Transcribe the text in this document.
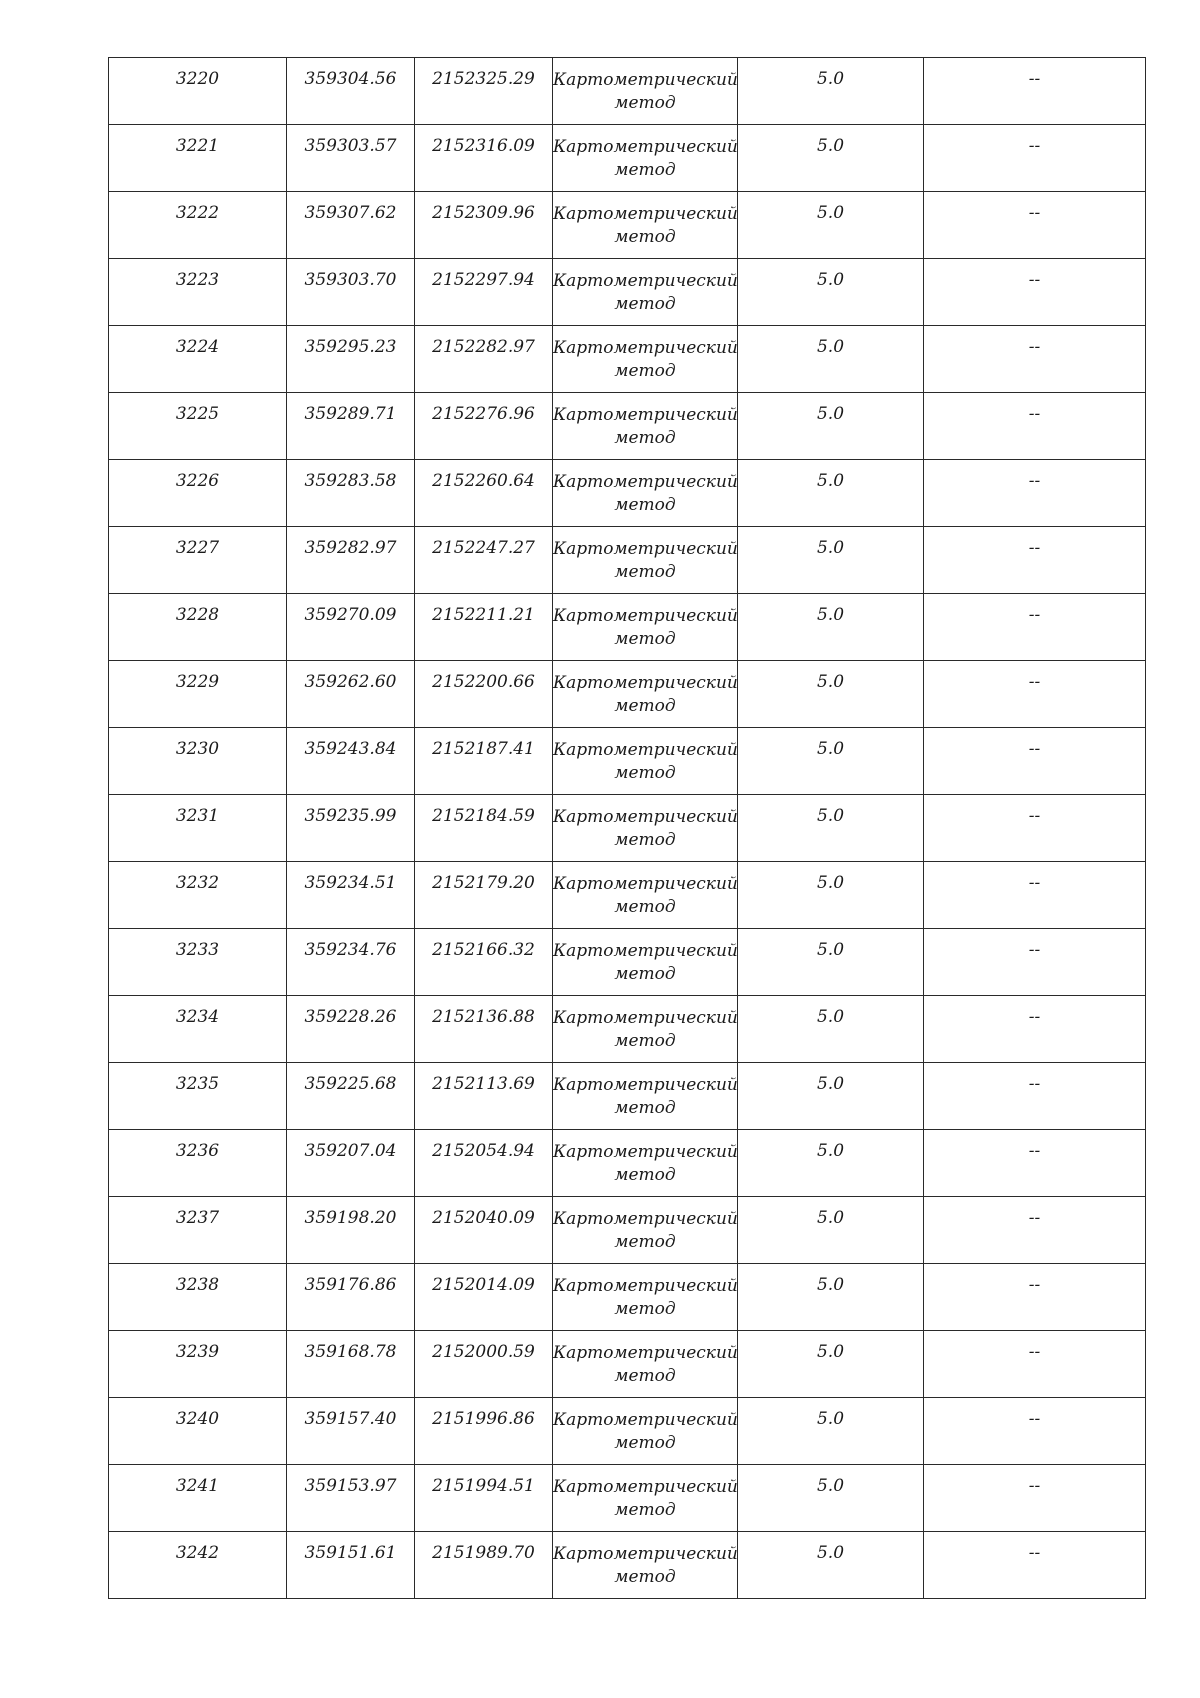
3220	359304.56	2152325.29	Картометрический метод	5.0	--

3221	359303.57	2152316.09	Картометрический метод	5.0	--

3222	359307.62	2152309.96	Картометрический метод	5.0	--

3223	359303.70	2152297.94	Картометрический метод	5.0	--

3224	359295.23	2152282.97	Картометрический метод	5.0	--

3225	359289.71	2152276.96	Картометрический метод	5.0	--

3226	359283.58	2152260.64	Картометрический метод	5.0	--

3227	359282.97	2152247.27	Картометрический метод	5.0	--

3228	359270.09	2152211.21	Картометрический метод	5.0	--

3229	359262.60	2152200.66	Картометрический метод	5.0	--

3230	359243.84	2152187.41	Картометрический метод	5.0	--

3231	359235.99	2152184.59	Картометрический метод	5.0	--

3232	359234.51	2152179.20	Картометрический метод	5.0	--

3233	359234.76	2152166.32	Картометрический метод	5.0	--

3234	359228.26	2152136.88	Картометрический метод	5.0	--

3235	359225.68	2152113.69	Картометрический метод	5.0	--

3236	359207.04	2152054.94	Картометрический метод	5.0	--

3237	359198.20	2152040.09	Картометрический метод	5.0	--

3238	359176.86	2152014.09	Картометрический метод	5.0	--

3239	359168.78	2152000.59	Картометрический метод	5.0	--

3240	359157.40	2151996.86	Картометрический метод	5.0	--

3241	359153.97	2151994.51	Картометрический метод	5.0	--

3242	359151.61	2151989.70	Картометрический метод	5.0	--
